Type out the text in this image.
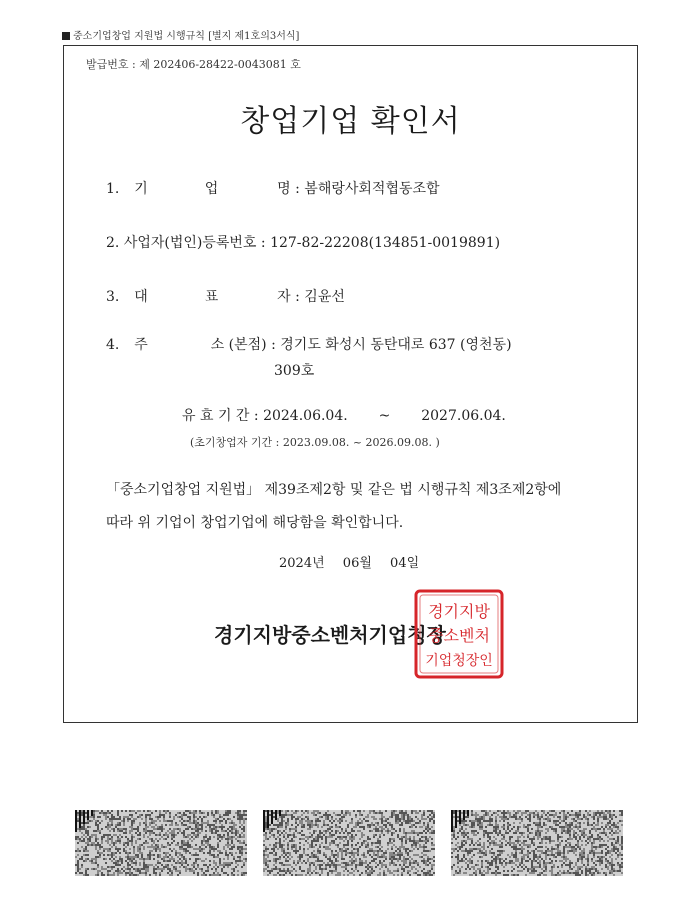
중소기업창업 지원법 시행규칙 [별지 제1호의3서식]
발급번호 : 제 202406-28422-0043081 호
창업기업 확인서
1. 기	업	명 : 봄해랑사회적협동조합
2. 사업자(법인)등록번호 : 127-82-22208(134851-0019891)
3. 대	표	자 : 김윤선
4. 주	소 (본점) : 경기도 화성시 동탄대로 637 (영천동)
309호
유 효 기 간 : 2024.06.04. ~ 2027.06.04.
(초기창업자 기간 : 2023.09.08. ~ 2026.09.08. )
「중소기업창업 지원법」 제39조제2항 및 같은 법 시행규칙 제3조제2항에
따라 위 기업이 창업기업에 해당함을 확인합니다.
2024년 06월 04일
경기지방중소벤처기업청장
경기지방
중소벤처
기업청장인
